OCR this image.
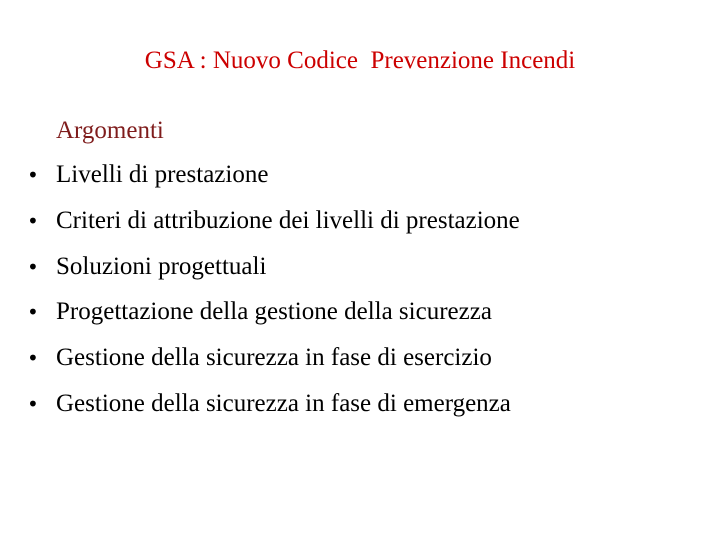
GSA : Nuovo Codice  Prevenzione Incendi
Argomenti

•

Livelli di prestazione

•

Criteri di attribuzione dei livelli di prestazione

•

Soluzioni progettuali

•

Progettazione della gestione della sicurezza

•

Gestione della sicurezza in fase di esercizio

•

Gestione della sicurezza in fase di emergenza
